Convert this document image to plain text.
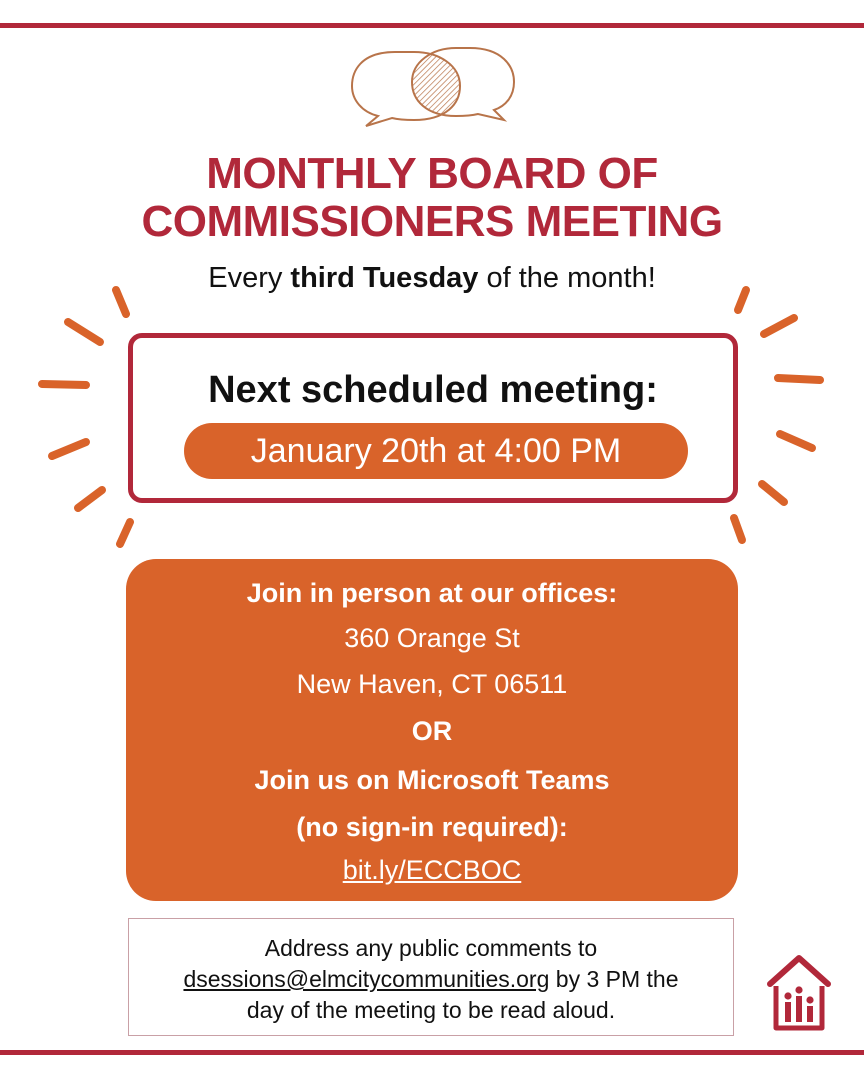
MONTHLY BOARD OF
COMMISSIONERS MEETING
Every third Tuesday of the month!
Next scheduled meeting:
January 20th at 4:00 PM
Join in person at our offices:
360 Orange St
New Haven, CT 06511
OR
Join us on Microsoft Teams
(no sign-in required):
bit.ly/ECCBOC
Address any public comments to
dsessions@elmcitycommunities.org by 3 PM the
day of the meeting to be read aloud.
